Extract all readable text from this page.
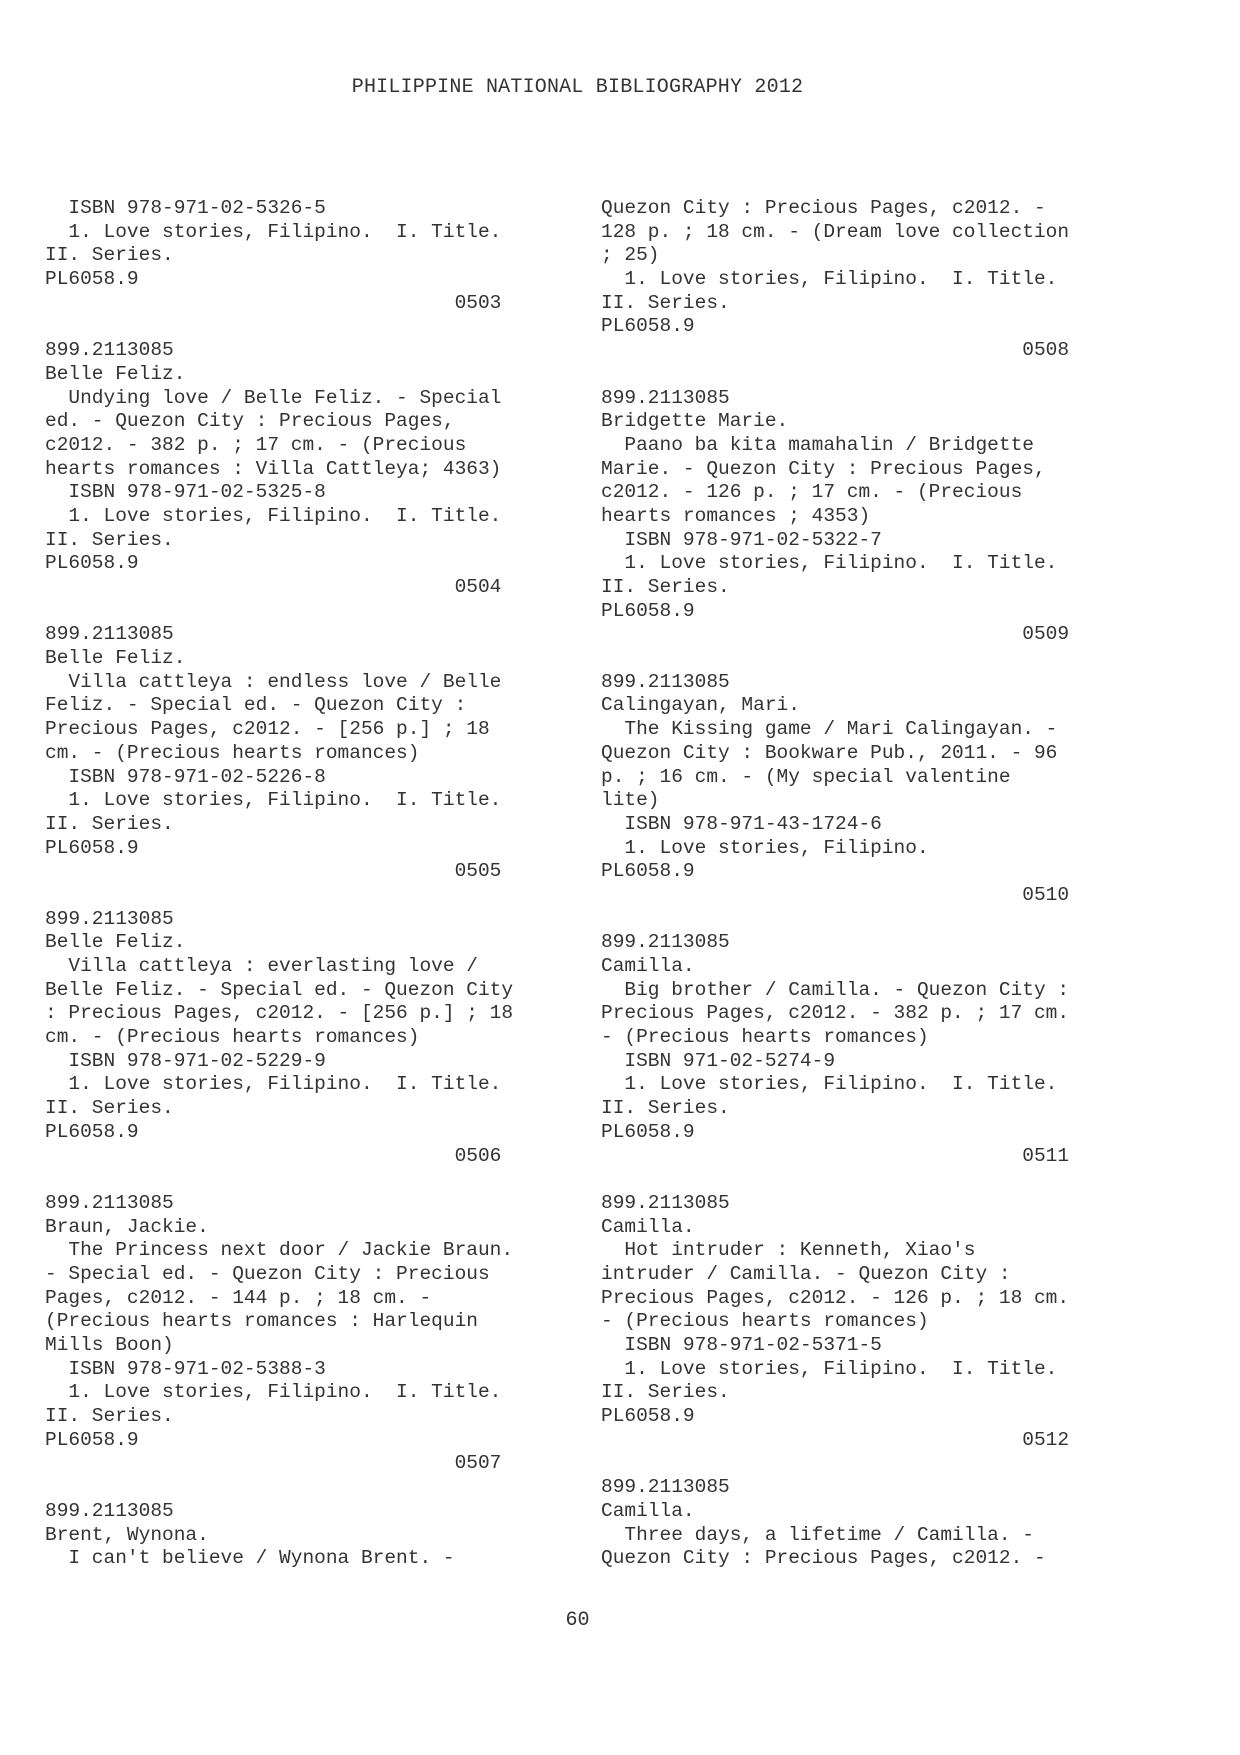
PHILIPPINE NATIONAL BIBLIOGRAPHY 2012
ISBN 978-971-02-5326-5
1. Love stories, Filipino.  I. Title.
II. Series.
PL6058.9
0503
899.2113085
Belle Feliz.
Undying love / Belle Feliz. - Special
ed. - Quezon City : Precious Pages,
c2012. - 382 p. ; 17 cm. - (Precious
hearts romances : Villa Cattleya; 4363)
ISBN 978-971-02-5325-8
1. Love stories, Filipino.  I. Title.
II. Series.
PL6058.9
0504
899.2113085
Belle Feliz.
Villa cattleya : endless love / Belle
Feliz. - Special ed. - Quezon City :
Precious Pages, c2012. - [256 p.] ; 18
cm. - (Precious hearts romances)
ISBN 978-971-02-5226-8
1. Love stories, Filipino.  I. Title.
II. Series.
PL6058.9
0505
899.2113085
Belle Feliz.
Villa cattleya : everlasting love /
Belle Feliz. - Special ed. - Quezon City
: Precious Pages, c2012. - [256 p.] ; 18
cm. - (Precious hearts romances)
ISBN 978-971-02-5229-9
1. Love stories, Filipino.  I. Title.
II. Series.
PL6058.9
0506
899.2113085
Braun, Jackie.
The Princess next door / Jackie Braun.
- Special ed. - Quezon City : Precious
Pages, c2012. - 144 p. ; 18 cm. -
(Precious hearts romances : Harlequin
Mills Boon)
ISBN 978-971-02-5388-3
1. Love stories, Filipino.  I. Title.
II. Series.
PL6058.9
0507
899.2113085
Brent, Wynona.
I can't believe / Wynona Brent. -
Quezon City : Precious Pages, c2012. -
128 p. ; 18 cm. - (Dream love collection
; 25)
1. Love stories, Filipino.  I. Title.
II. Series.
PL6058.9
0508
899.2113085
Bridgette Marie.
Paano ba kita mamahalin / Bridgette
Marie. - Quezon City : Precious Pages,
c2012. - 126 p. ; 17 cm. - (Precious
hearts romances ; 4353)
ISBN 978-971-02-5322-7
1. Love stories, Filipino.  I. Title.
II. Series.
PL6058.9
0509
899.2113085
Calingayan, Mari.
The Kissing game / Mari Calingayan. -
Quezon City : Bookware Pub., 2011. - 96
p. ; 16 cm. - (My special valentine
lite)
ISBN 978-971-43-1724-6
1. Love stories, Filipino.
PL6058.9
0510
899.2113085
Camilla.
Big brother / Camilla. - Quezon City :
Precious Pages, c2012. - 382 p. ; 17 cm.
- (Precious hearts romances)
ISBN 971-02-5274-9
1. Love stories, Filipino.  I. Title.
II. Series.
PL6058.9
0511
899.2113085
Camilla.
Hot intruder : Kenneth, Xiao's
intruder / Camilla. - Quezon City :
Precious Pages, c2012. - 126 p. ; 18 cm.
- (Precious hearts romances)
ISBN 978-971-02-5371-5
1. Love stories, Filipino.  I. Title.
II. Series.
PL6058.9
0512
899.2113085
Camilla.
Three days, a lifetime / Camilla. -
Quezon City : Precious Pages, c2012. -
60
